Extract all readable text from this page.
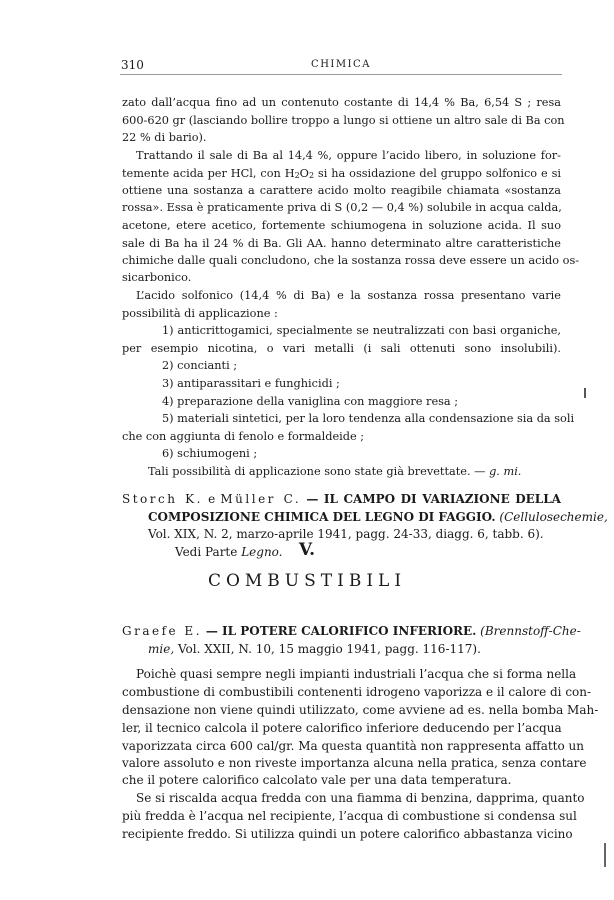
310	CHIMICA
zato dall’acqua fino ad un contenuto costante di 14,4 % Ba, 6,54 S ; resa
600-620 gr (lasciando bollire troppo a lungo si ottiene un altro sale di Ba con
22 % di bario).
Trattando il sale di Ba al 14,4 %, oppure l’acido libero, in soluzione for-
temente acida per HCl, con H2O2 si ha ossidazione del gruppo solfonico e si
ottiene una sostanza a carattere acido molto reagibile chiamata «sostanza
rossa». Essa è praticamente priva di S (0,2 — 0,4 %) solubile in acqua calda,
acetone, etere acetico, fortemente schiumogena in soluzione acida. Il suo
sale di Ba ha il 24 % di Ba. Gli AA. hanno determinato altre caratteristiche
chimiche dalle quali concludono, che la sostanza rossa deve essere un acido os-
sicarbonico.
L’acido solfonico (14,4 % di Ba) e la sostanza rossa presentano varie
possibilità di applicazione :
1) anticrittogamici, specialmente se neutralizzati con basi organiche,
per esempio nicotina, o vari metalli (i sali ottenuti sono insolubili).
2) concianti ;
3) antiparassitari e funghicidi ;
4) preparazione della vaniglina con maggiore resa ;
5) materiali sintetici, per la loro tendenza alla condensazione sia da soli
che con aggiunta di fenolo e formaldeide ;
6) schiumogeni ;
Tali possibilità di applicazione sono state già brevettate. — g. mi.
Storch K. e Müller C. — IL CAMPO DI VARIAZIONE DELLA
COMPOSIZIONE CHIMICA DEL LEGNO DI FAGGIO. (Cellulosechemie,
Vol. XIX, N. 2, marzo-aprile 1941, pagg. 24-33, diagg. 6, tabb. 6).
Vedi Parte Legno. V.
COMBUSTIBILI
Graefe E. — IL POTERE CALORIFICO INFERIORE. (Brennstoff-Che-
mie, Vol. XXII, N. 10, 15 maggio 1941, pagg. 116-117).
Poichè quasi sempre negli impianti industriali l’acqua che si forma nella
combustione di combustibili contenenti idrogeno vaporizza e il calore di con-
densazione non viene quindi utilizzato, come avviene ad es. nella bomba Mah-
ler, il tecnico calcola il potere calorifico inferiore deducendo per l’acqua
vaporizzata circa 600 cal/gr. Ma questa quantità non rappresenta affatto un
valore assoluto e non riveste importanza alcuna nella pratica, senza contare
che il potere calorifico calcolato vale per una data temperatura.
Se si riscalda acqua fredda con una fiamma di benzina, dapprima, quanto
più fredda è l’acqua nel recipiente, l’acqua di combustione si condensa sul
recipiente freddo. Si utilizza quindi un potere calorifico abbastanza vicino
